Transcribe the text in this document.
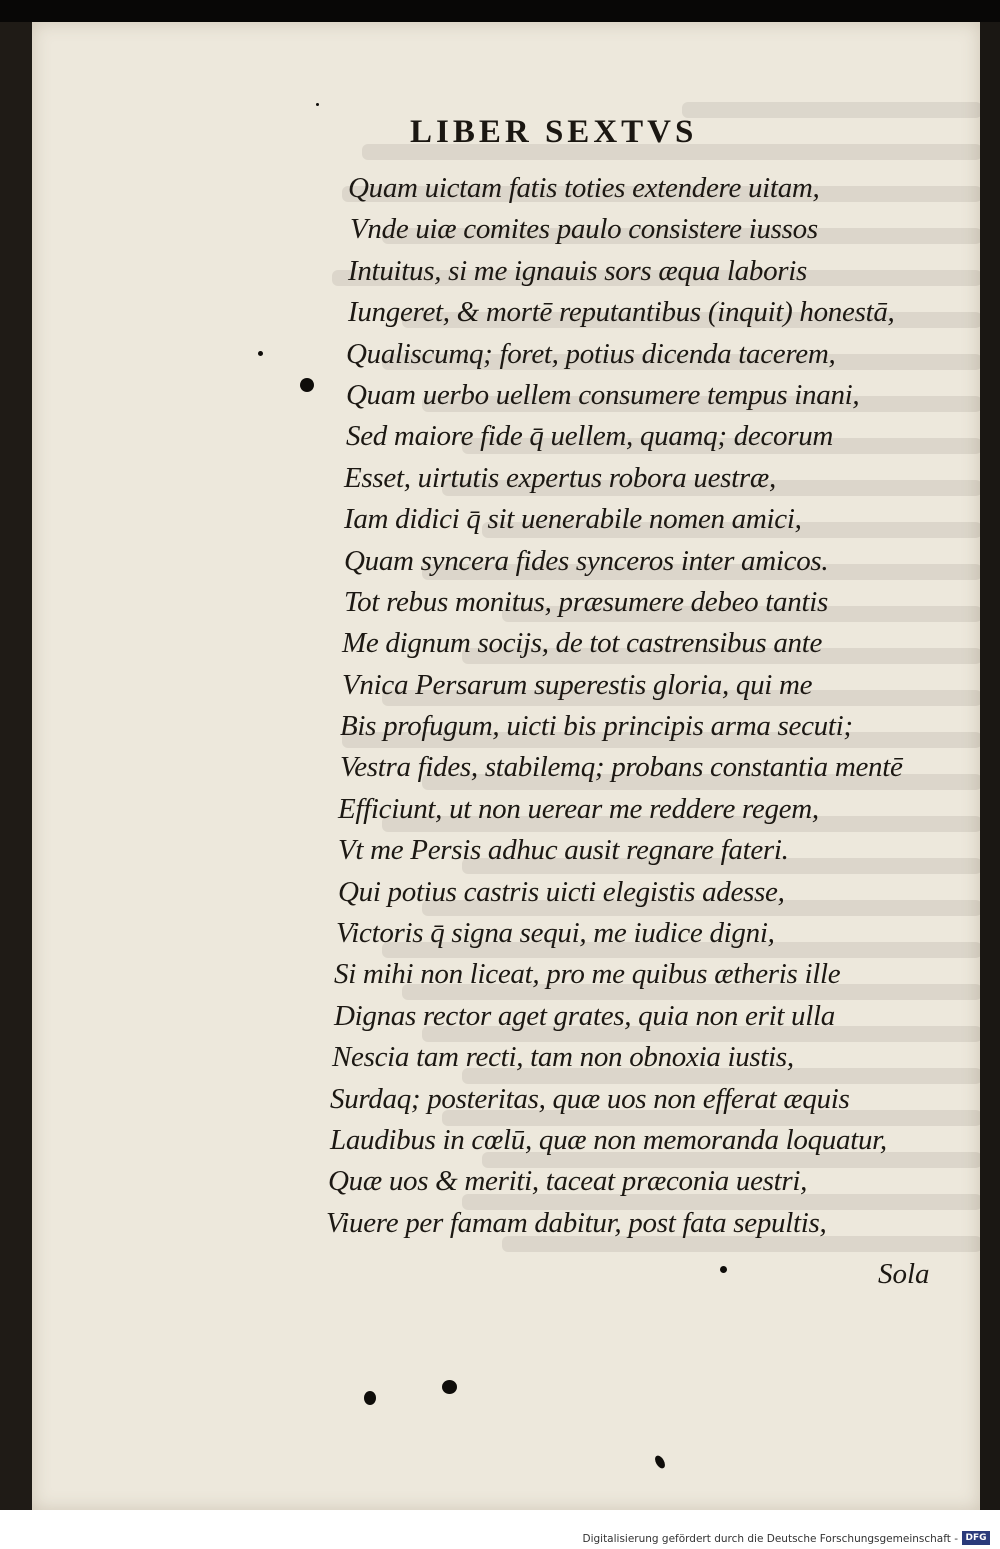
LIBER SEXTVS
Quam uictam fatis toties extendere uitam,
Vnde uiæ comites paulo consistere iussos
Intuitus, si me ignauis sors æqua laboris
Iungeret, & mortē reputantibus (inquit) honestā,
Qualiscumq; foret, potius dicenda tacerem,
Quam uerbo uellem consumere tempus inani,
Sed maiore fide q̄ uellem, quamq; decorum
Esset, uirtutis expertus robora uestræ,
Iam didici q̄ sit uenerabile nomen amici,
Quam syncera fides synceros inter amicos.
Tot rebus monitus, præsumere debeo tantis
Me dignum socijs, de tot castrensibus ante
Vnica Persarum superestis gloria, qui me
Bis profugum, uicti bis principis arma secuti;
Vestra fides, stabilemq; probans constantia mentē
Efficiunt, ut non uerear me reddere regem,
Vt me Persis adhuc ausit regnare fateri.
Qui potius castris uicti elegistis adesse,
Victoris q̄ signa sequi, me iudice digni,
Si mihi non liceat, pro me quibus ætheris ille
Dignas rector aget grates, quia non erit ulla
Nescia tam recti, tam non obnoxia iustis,
Surdaq; posteritas, quæ uos non efferat æquis
Laudibus in cœlū, quæ non memoranda loquatur,
Quæ uos & meriti, taceat præconia uestri,
Viuere per famam dabitur, post fata sepultis,
Sola
Digitalisierung gefördert durch die Deutsche Forschungsgemeinschaft - DFG
